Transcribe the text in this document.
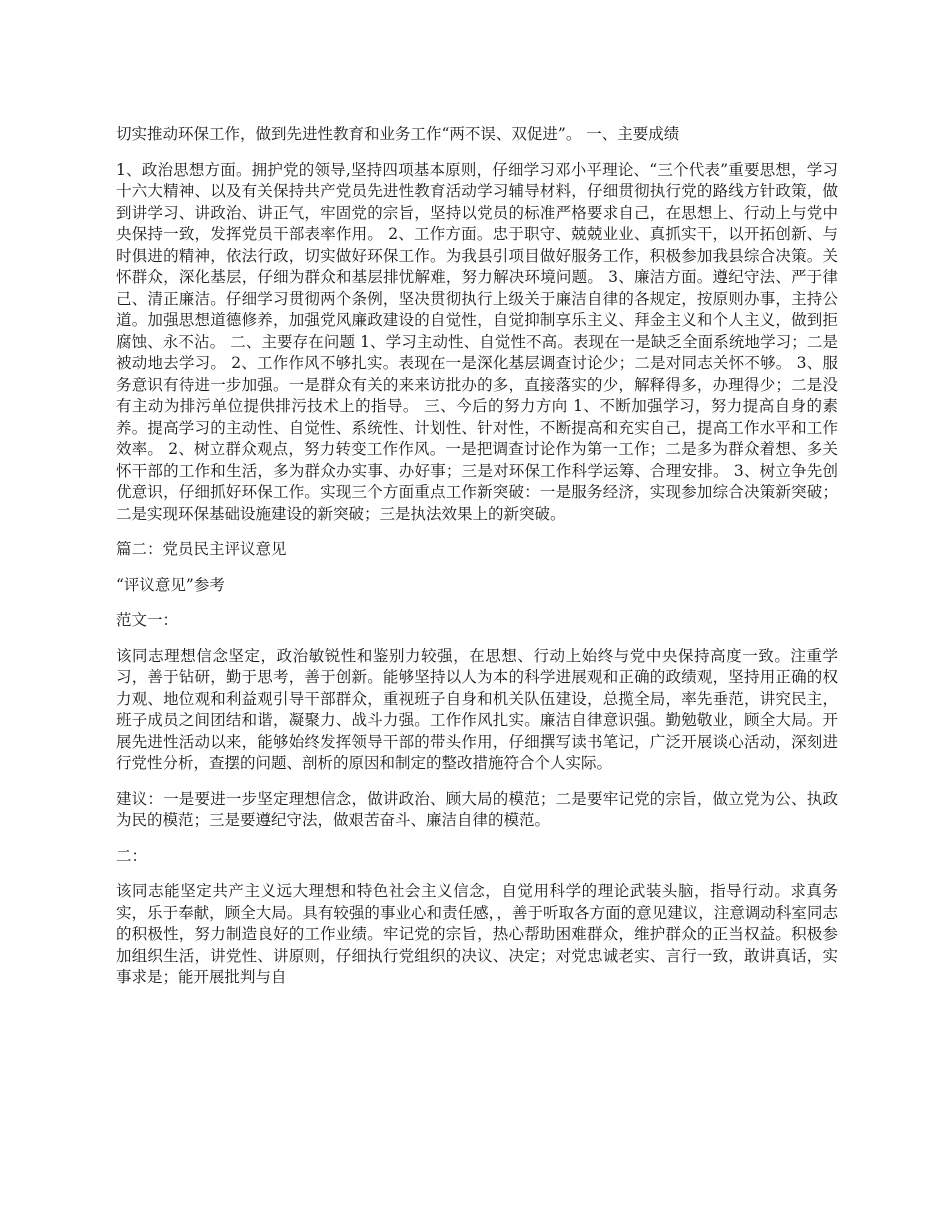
切实推动环保工作，做到先进性教育和业务工作“两不误、双促进”。 一、主要成绩

1、政治思想方面。拥护党的领导,坚持四项基本原则，仔细学习邓小平理论、“三个代表”重要思想，学习十六大精神、以及有关保持共产党员先进性教育活动学习辅导材料，仔细贯彻执行党的路线方针政策，做到讲学习、讲政治、讲正气，牢固党的宗旨，坚持以党员的标准严格要求自己，在思想上、行动上与党中央保持一致，发挥党员干部表率作用。 2、工作方面。忠于职守、兢兢业业、真抓实干，以开拓创新、与时俱进的精神，依法行政，切实做好环保工作。为我县引项目做好服务工作，积极参加我县综合决策。关怀群众，深化基层，仔细为群众和基层排忧解难，努力解决环境问题。 3、廉洁方面。遵纪守法、严于律己、清正廉洁。仔细学习贯彻两个条例，坚决贯彻执行上级关于廉洁自律的各规定，按原则办事，主持公道。加强思想道德修养，加强党风廉政建设的自觉性，自觉抑制享乐主义、拜金主义和个人主义，做到拒腐蚀、永不沾。 二、主要存在问题 1、学习主动性、自觉性不高。表现在一是缺乏全面系统地学习；二是被动地去学习。 2、工作作风不够扎实。表现在一是深化基层调查讨论少；二是对同志关怀不够。 3、服务意识有待进一步加强。一是群众有关的来来访批办的多，直接落实的少，解释得多，办理得少；二是没有主动为排污单位提供排污技术上的指导。 三、今后的努力方向 1、不断加强学习，努力提高自身的素养。提高学习的主动性、自觉性、系统性、计划性、针对性，不断提高和充实自己，提高工作水平和工作效率。 2、树立群众观点，努力转变工作作风。一是把调查讨论作为第一工作；二是多为群众着想、多关怀干部的工作和生活，多为群众办实事、办好事；三是对环保工作科学运筹、合理安排。 3、树立争先创优意识，仔细抓好环保工作。实现三个方面重点工作新突破：一是服务经济，实现参加综合决策新突破；二是实现环保基础设施建设的新突破；三是执法效果上的新突破。

篇二：党员民主评议意见

“评议意见”参考

范文一：

该同志理想信念坚定，政治敏锐性和鉴别力较强，在思想、行动上始终与党中央保持高度一致。注重学习，善于钻研，勤于思考，善于创新。能够坚持以人为本的科学进展观和正确的政绩观，坚持用正确的权力观、地位观和利益观引导干部群众，重视班子自身和机关队伍建设，总揽全局，率先垂范，讲究民主，班子成员之间团结和谐，凝聚力、战斗力强。工作作风扎实。廉洁自律意识强。勤勉敬业，顾全大局。开展先进性活动以来，能够始终发挥领导干部的带头作用，仔细撰写读书笔记，广泛开展谈心活动，深刻进行党性分析，查摆的问题、剖析的原因和制定的整改措施符合个人实际。

建议：一是要进一步坚定理想信念，做讲政治、顾大局的模范；二是要牢记党的宗旨，做立党为公、执政为民的模范；三是要遵纪守法，做艰苦奋斗、廉洁自律的模范。

二：

该同志能坚定共产主义远大理想和特色社会主义信念，自觉用科学的理论武装头脑，指导行动。求真务实，乐于奉献，顾全大局。具有较强的事业心和责任感，，善于听取各方面的意见建议，注意调动科室同志的积极性，努力制造良好的工作业绩。牢记党的宗旨，热心帮助困难群众，维护群众的正当权益。积极参加组织生活，讲党性、讲原则，仔细执行党组织的决议、决定；对党忠诚老实、言行一致，敢讲真话，实事求是；能开展批判与自
